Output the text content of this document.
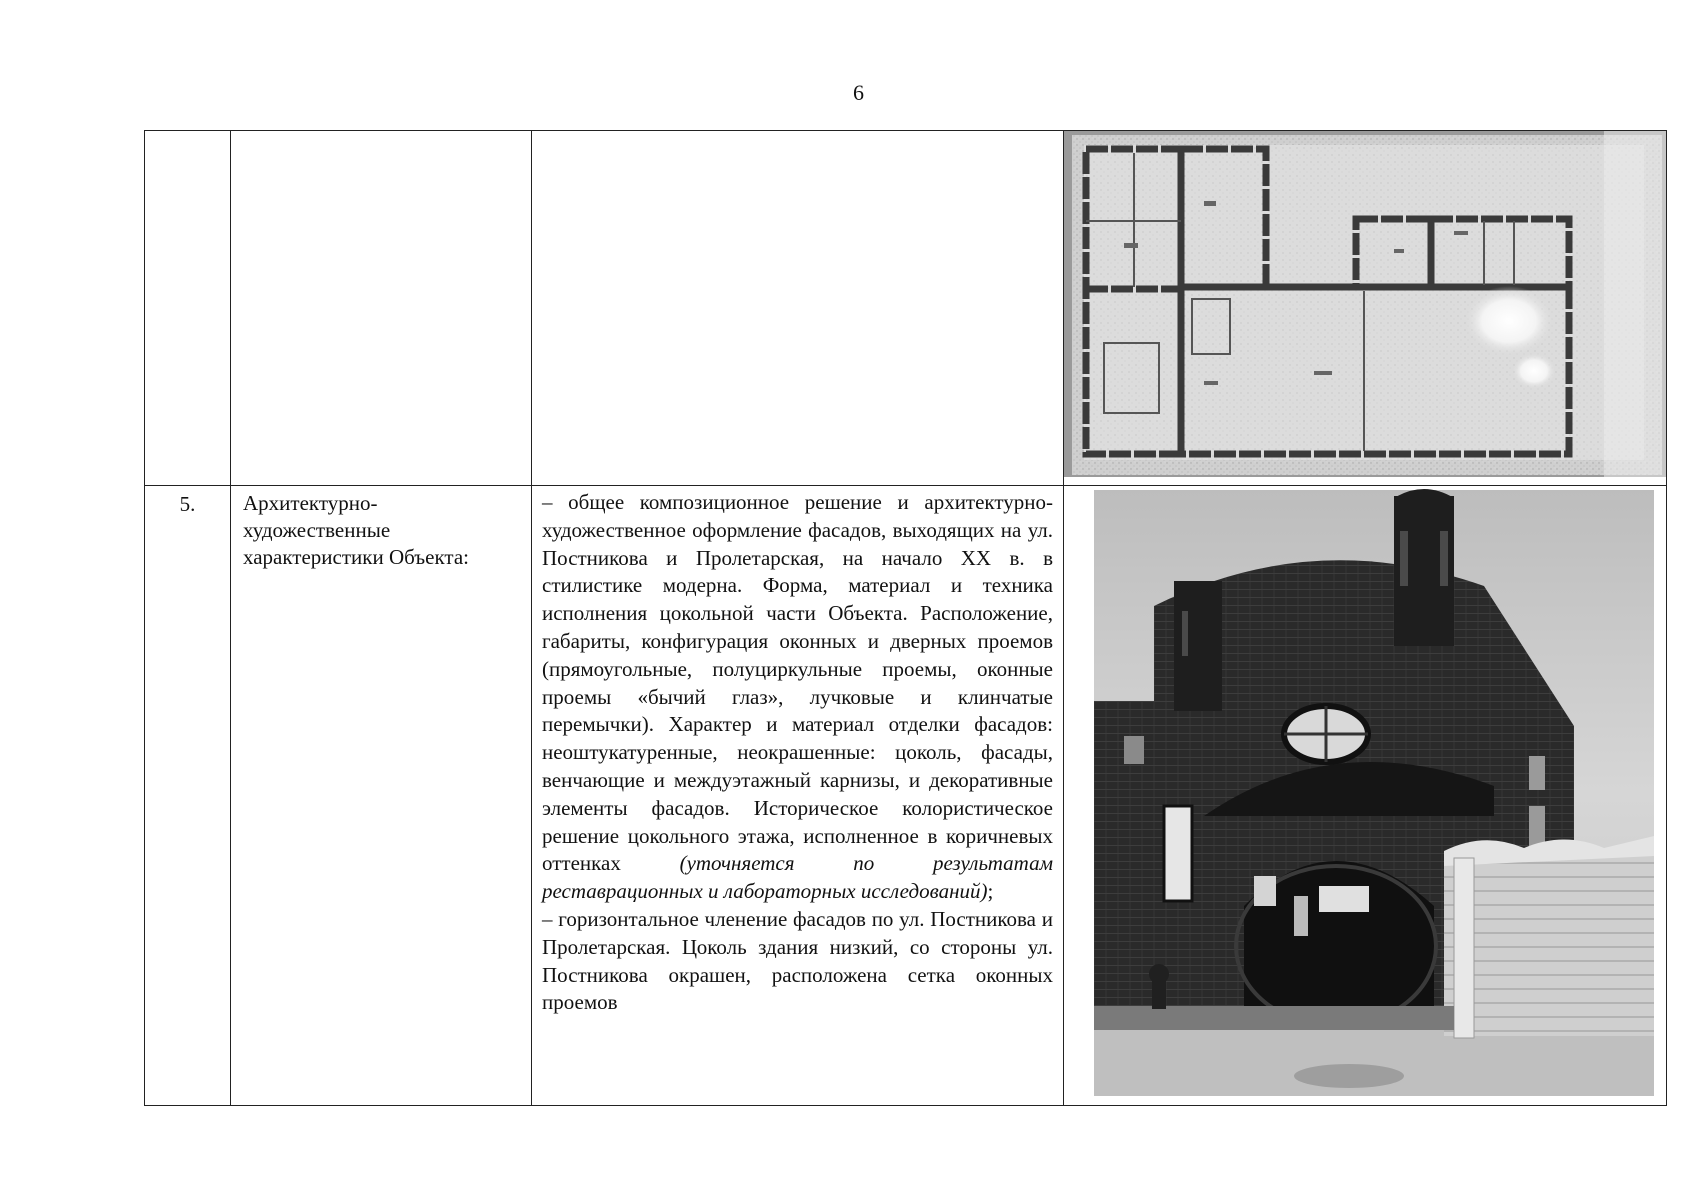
6

5.	Архитектурно-художественные характеристики Объекта:	– общее композиционное решение и архитектурно-художественное оформление фасадов, выходящих на ул. Постникова и Пролетарская, на начало XX в. в стилистике модерна. Форма, материал и техника исполнения цокольной части Объекта. Расположение, габариты, конфигурация оконных и дверных проемов (прямоугольные, полуциркульные проемы, оконные проемы «бычий глаз», лучковые и клинчатые перемычки). Характер и материал отделки фасадов: неоштукатуренные, неокрашенные: цоколь, фасады, венчающие и междуэтажный карнизы, и декоративные элементы фасадов. Историческое колористическое решение цокольного этажа, исполненное в коричневых оттенках (уточняется по результатам реставрационных и лабораторных исследований);

– горизонтальное членение фасадов по ул. Постникова и Пролетарская. Цоколь здания низкий, со стороны ул. Постникова окрашен, расположена сетка оконных проемов
